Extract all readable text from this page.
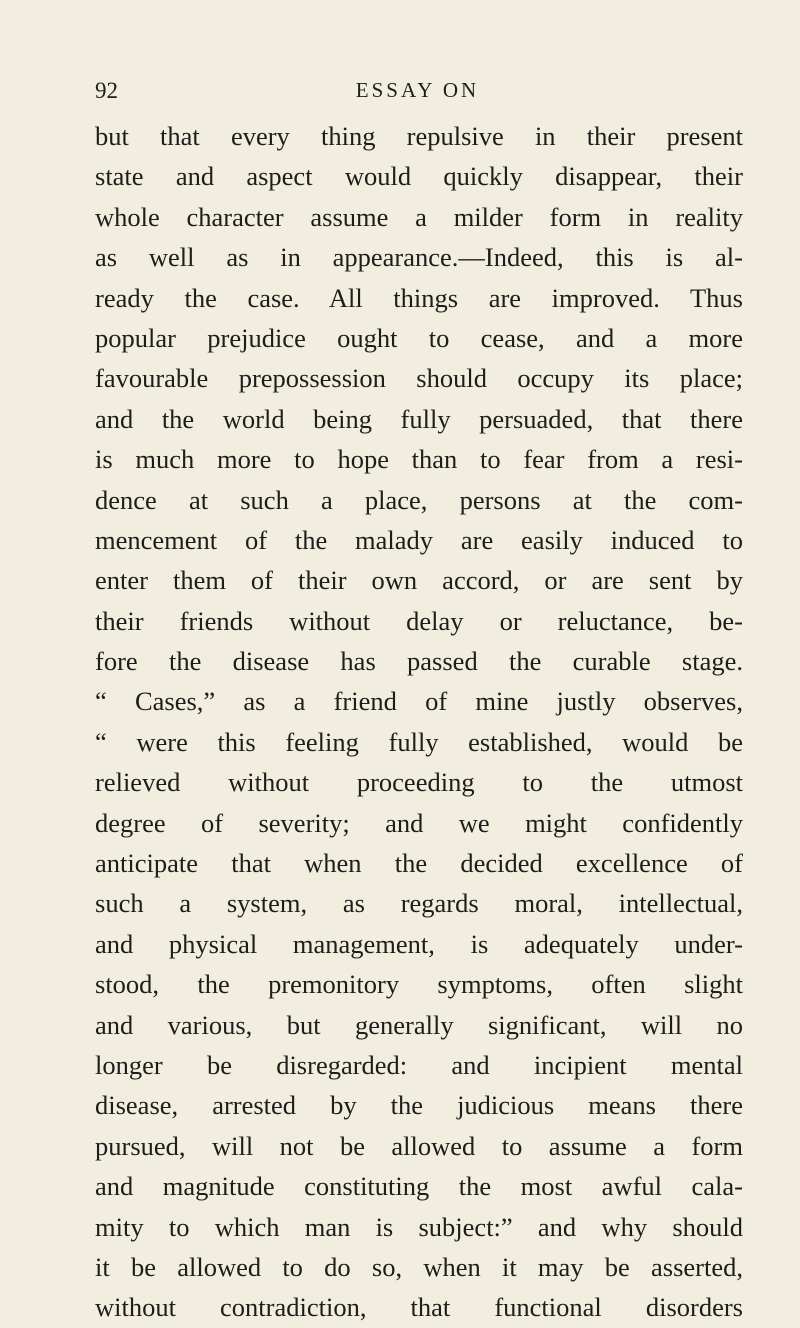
92	ESSAY ON
but that every thing repulsive in their present
state and aspect would quickly disappear, their
whole character assume a milder form in reality
as well as in appearance.—Indeed, this is al-
ready the case. All things are improved. Thus
popular prejudice ought to cease, and a more
favourable prepossession should occupy its place;
and the world being fully persuaded, that there
is much more to hope than to fear from a resi-
dence at such a place, persons at the com-
mencement of the malady are easily induced to
enter them of their own accord, or are sent by
their friends without delay or reluctance, be-
fore the disease has passed the curable stage.
“ Cases,” as a friend of mine justly observes,
“ were this feeling fully established, would be
relieved without proceeding to the utmost
degree of severity; and we might confidently
anticipate that when the decided excellence of
such a system, as regards moral, intellectual,
and physical management, is adequately under-
stood, the premonitory symptoms, often slight
and various, but generally significant, will no
longer be disregarded: and incipient mental
disease, arrested by the judicious means there
pursued, will not be allowed to assume a form
and magnitude constituting the most awful cala-
mity to which man is subject:” and why should
it be allowed to do so, when it may be asserted,
without contradiction, that functional disorders
